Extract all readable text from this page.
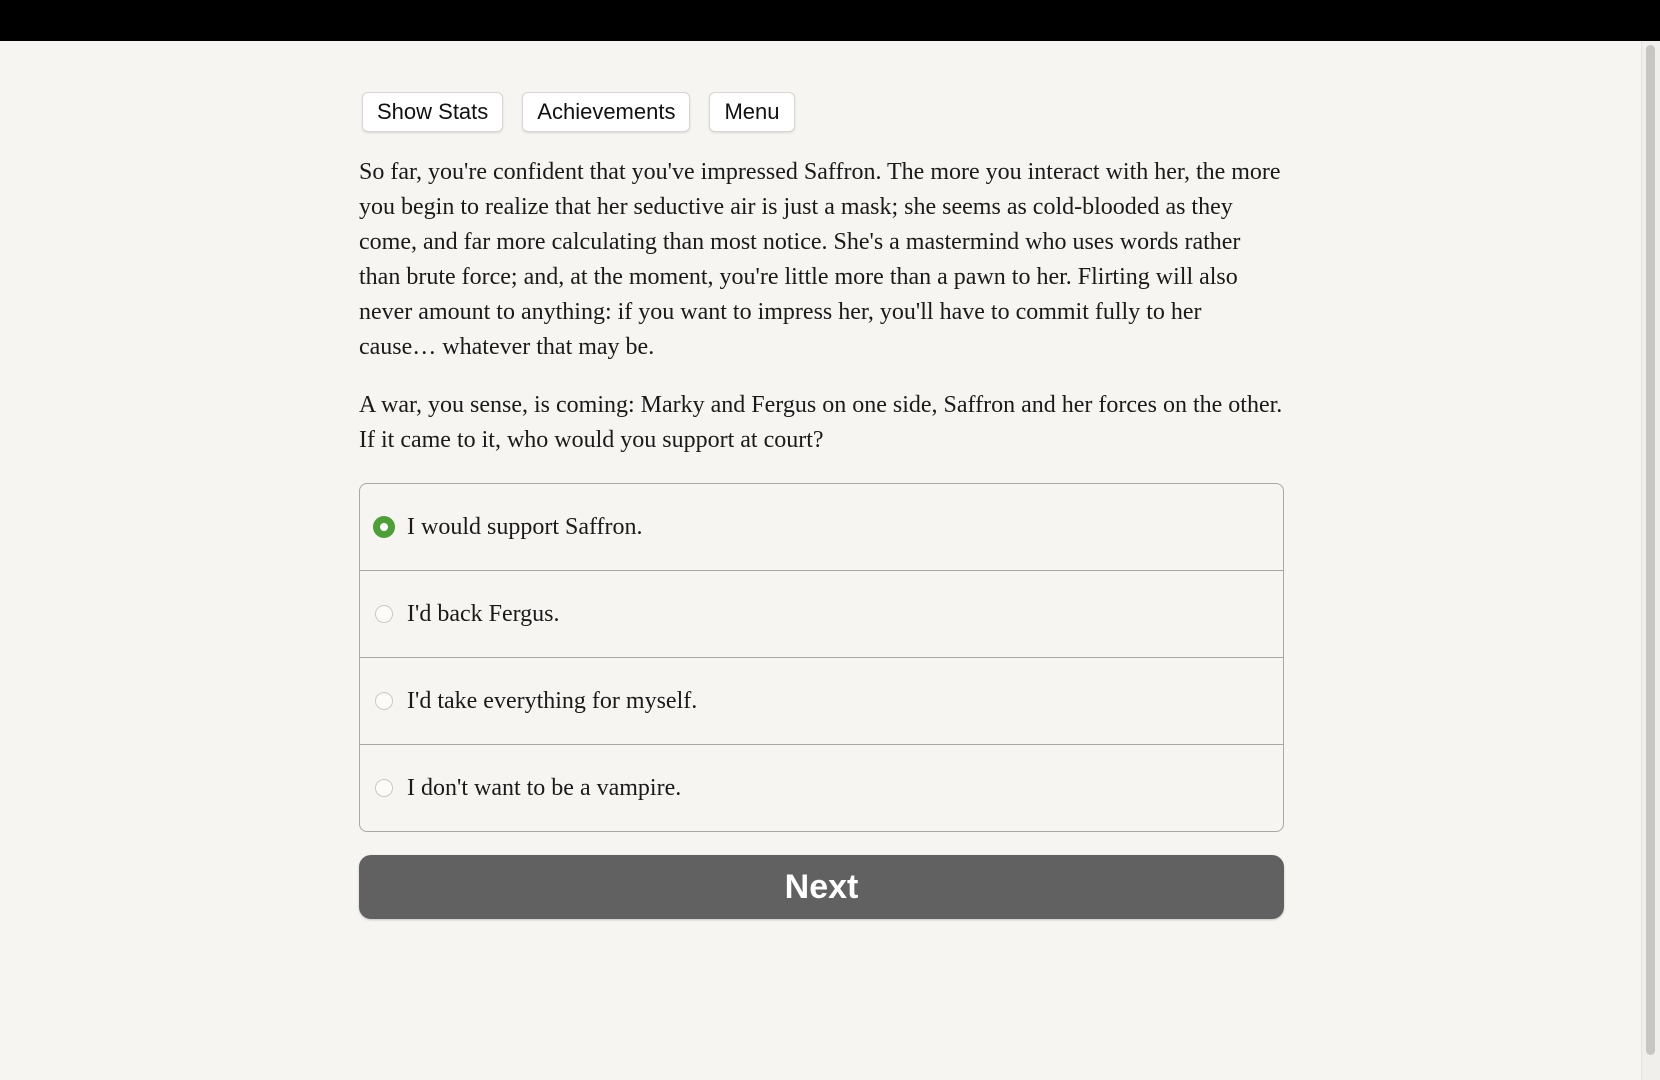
Show Stats	Achievements	Menu

So far, you're confident that you've impressed Saffron. The more you interact with her, the more you begin to realize that her seductive air is just a mask; she seems as cold-blooded as they come, and far more calculating than most notice. She's a mastermind who uses words rather than brute force; and, at the moment, you're little more than a pawn to her. Flirting will also never amount to anything: if you want to impress her, you'll have to commit fully to her cause… whatever that may be.

A war, you sense, is coming: Marky and Fergus on one side, Saffron and her forces on the other. If it came to it, who would you support at court?

I would support Saffron.
I'd back Fergus.
I'd take everything for myself.
I don't want to be a vampire.
Next
